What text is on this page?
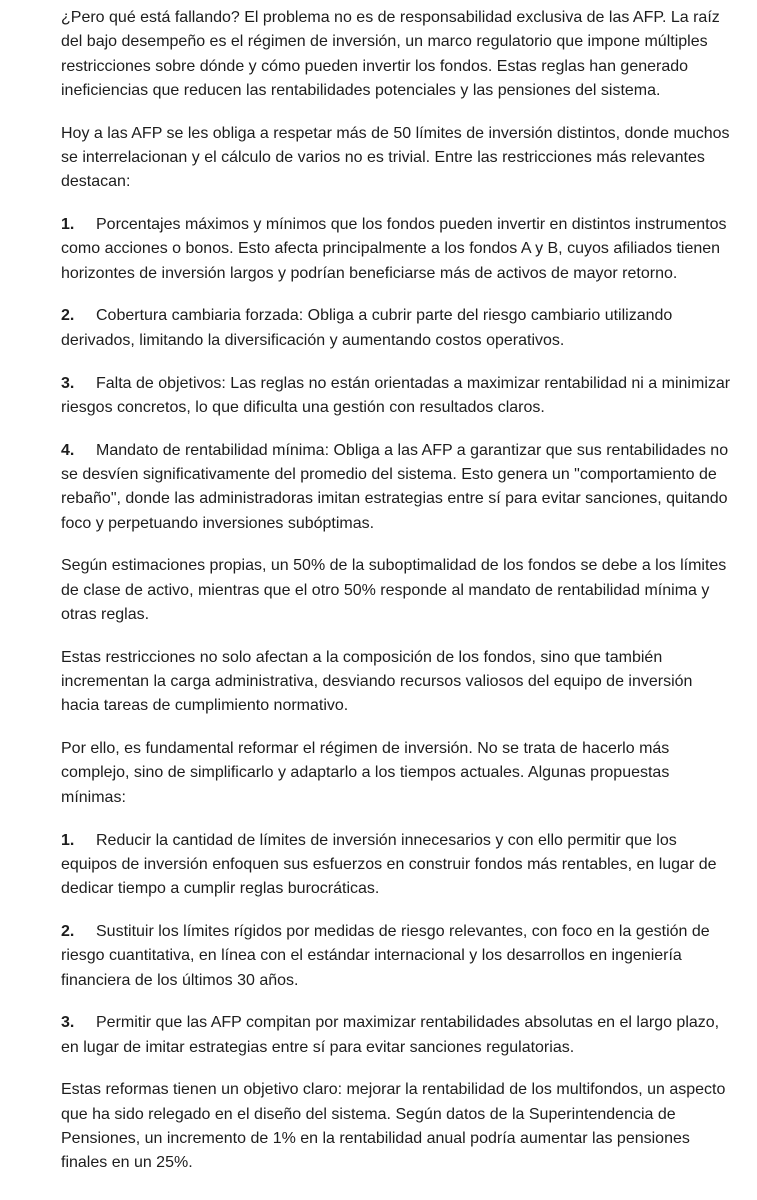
¿Pero qué está fallando? El problema no es de responsabilidad exclusiva de las AFP. La raíz del bajo desempeño es el régimen de inversión, un marco regulatorio que impone múltiples restricciones sobre dónde y cómo pueden invertir los fondos. Estas reglas han generado ineficiencias que reducen las rentabilidades potenciales y las pensiones del sistema.

Hoy a las AFP se les obliga a respetar más de 50 límites de inversión distintos, donde muchos se interrelacionan y el cálculo de varios no es trivial. Entre las restricciones más relevantes destacan:

1. Porcentajes máximos y mínimos que los fondos pueden invertir en distintos instrumentos como acciones o bonos. Esto afecta principalmente a los fondos A y B, cuyos afiliados tienen horizontes de inversión largos y podrían beneficiarse más de activos de mayor retorno.

2. Cobertura cambiaria forzada: Obliga a cubrir parte del riesgo cambiario utilizando derivados, limitando la diversificación y aumentando costos operativos.

3. Falta de objetivos: Las reglas no están orientadas a maximizar rentabilidad ni a minimizar riesgos concretos, lo que dificulta una gestión con resultados claros.

4. Mandato de rentabilidad mínima: Obliga a las AFP a garantizar que sus rentabilidades no se desvíen significativamente del promedio del sistema. Esto genera un "comportamiento de rebaño", donde las administradoras imitan estrategias entre sí para evitar sanciones, quitando foco y perpetuando inversiones subóptimas.

Según estimaciones propias, un 50% de la suboptimalidad de los fondos se debe a los límites de clase de activo, mientras que el otro 50% responde al mandato de rentabilidad mínima y otras reglas.

Estas restricciones no solo afectan a la composición de los fondos, sino que también incrementan la carga administrativa, desviando recursos valiosos del equipo de inversión hacia tareas de cumplimiento normativo.

Por ello, es fundamental reformar el régimen de inversión. No se trata de hacerlo más complejo, sino de simplificarlo y adaptarlo a los tiempos actuales. Algunas propuestas mínimas:

1. Reducir la cantidad de límites de inversión innecesarios y con ello permitir que los equipos de inversión enfoquen sus esfuerzos en construir fondos más rentables, en lugar de dedicar tiempo a cumplir reglas burocráticas.

2. Sustituir los límites rígidos por medidas de riesgo relevantes, con foco en la gestión de riesgo cuantitativa, en línea con el estándar internacional y los desarrollos en ingeniería financiera de los últimos 30 años.

3. Permitir que las AFP compitan por maximizar rentabilidades absolutas en el largo plazo, en lugar de imitar estrategias entre sí para evitar sanciones regulatorias.

Estas reformas tienen un objetivo claro: mejorar la rentabilidad de los multifondos, un aspecto que ha sido relegado en el diseño del sistema. Según datos de la Superintendencia de Pensiones, un incremento de 1% en la rentabilidad anual podría aumentar las pensiones finales en un 25%.
